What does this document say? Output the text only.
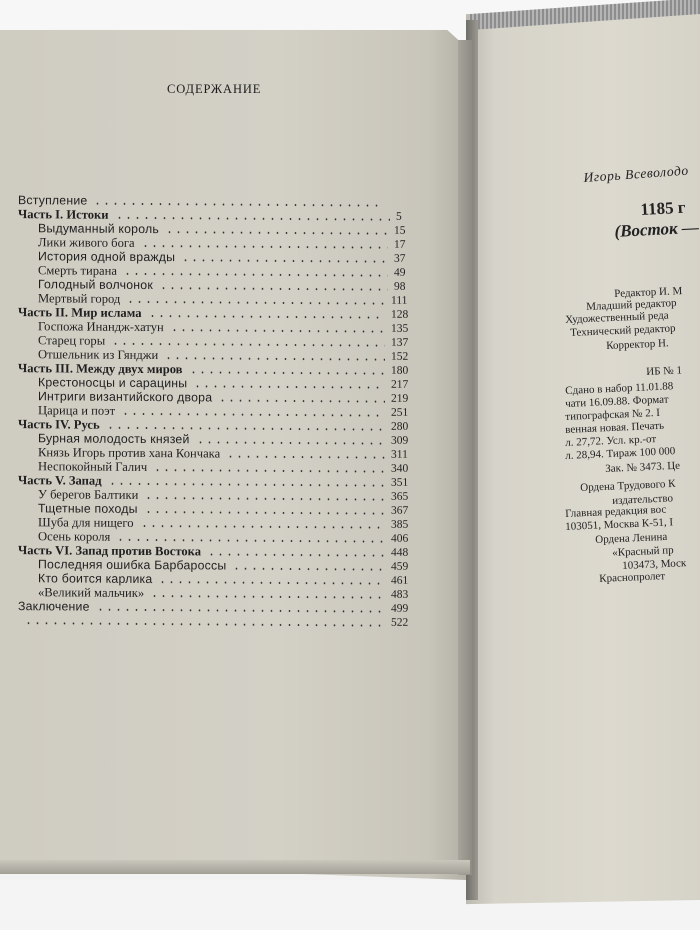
СОДЕРЖАНИЕ
Вступление
Часть I. Истоки	5
Выдуманный король	15
Лики живого бога	17
История одной вражды	37
Смерть тирана	49
Голодный волчонок	98
Мертвый город	111
Часть II. Мир ислама	128
Госпожа Инандж-хатун	135
Старец горы	137
Отшельник из Гянджи	152
Часть III. Между двух миров	180
Крестоносцы и сарацины	217
Интриги византийского двора	219
Царица и поэт	251
Часть IV. Русь	280
Бурная молодость князей	309
Князь Игорь против хана Кончака	311
Неспокойный Галич	340
Часть V. Запад	351
У берегов Балтики	365
Тщетные походы	367
Шуба для нищего	385
Осень короля	406
Часть VI. Запад против Востока	448
Последняя ошибка Барбароссы	459
Кто боится карлика	461
«Великий мальчик»	483
Заключение	499
522
Игорь Всеволодо
1185 г
(Восток —
Редактор И. М
Младший редактор
Художественный реда
Технический редактор
Корректор Н.
ИБ № 1
Сдано в набор 11.01.88
чати 16.09.88. Формат
типографская № 2. I
венная новая. Печать
л. 27,72. Усл. кр.-от
л. 28,94. Тираж 100 000
Зак. № 3473. Це
Ордена Трудового К
издательство
Главная редакция вос
103051, Москва К-51, I
Ордена Ленина
«Красный пр
103473, Моск
Краснопролет
